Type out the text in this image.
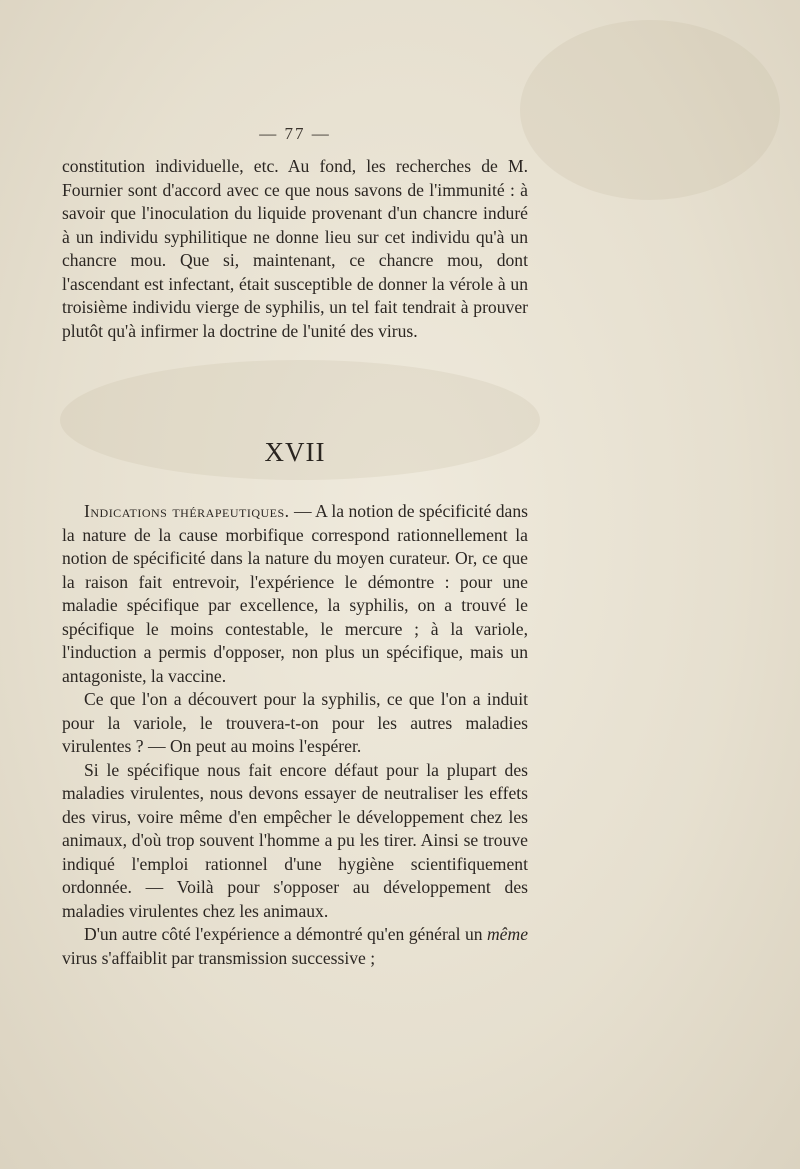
— 77 —

constitution individuelle, etc. Au fond, les recherches de M. Fournier sont d'accord avec ce que nous savons de l'immunité : à savoir que l'inoculation du liquide provenant d'un chancre induré à un individu syphilitique ne donne lieu sur cet individu qu'à un chancre mou. Que si, maintenant, ce chancre mou, dont l'ascendant est infectant, était susceptible de donner la vérole à un troisième individu vierge de syphilis, un tel fait tendrait à prouver plutôt qu'à infirmer la doctrine de l'unité des virus.

XVII

Indications thérapeutiques. — A la notion de spécificité dans la nature de la cause morbifique correspond rationnellement la notion de spécificité dans la nature du moyen curateur. Or, ce que la raison fait entrevoir, l'expérience le démontre : pour une maladie spécifique par excellence, la syphilis, on a trouvé le spécifique le moins contestable, le mercure ; à la variole, l'induction a permis d'opposer, non plus un spécifique, mais un antagoniste, la vaccine.

Ce que l'on a découvert pour la syphilis, ce que l'on a induit pour la variole, le trouvera-t-on pour les autres maladies virulentes ? — On peut au moins l'espérer.

Si le spécifique nous fait encore défaut pour la plupart des maladies virulentes, nous devons essayer de neutraliser les effets des virus, voire même d'en empêcher le développement chez les animaux, d'où trop souvent l'homme a pu les tirer. Ainsi se trouve indiqué l'emploi rationnel d'une hygiène scientifiquement ordonnée. — Voilà pour s'opposer au développement des maladies virulentes chez les animaux.

D'un autre côté l'expérience a démontré qu'en général un même virus s'affaiblit par transmission successive ;
